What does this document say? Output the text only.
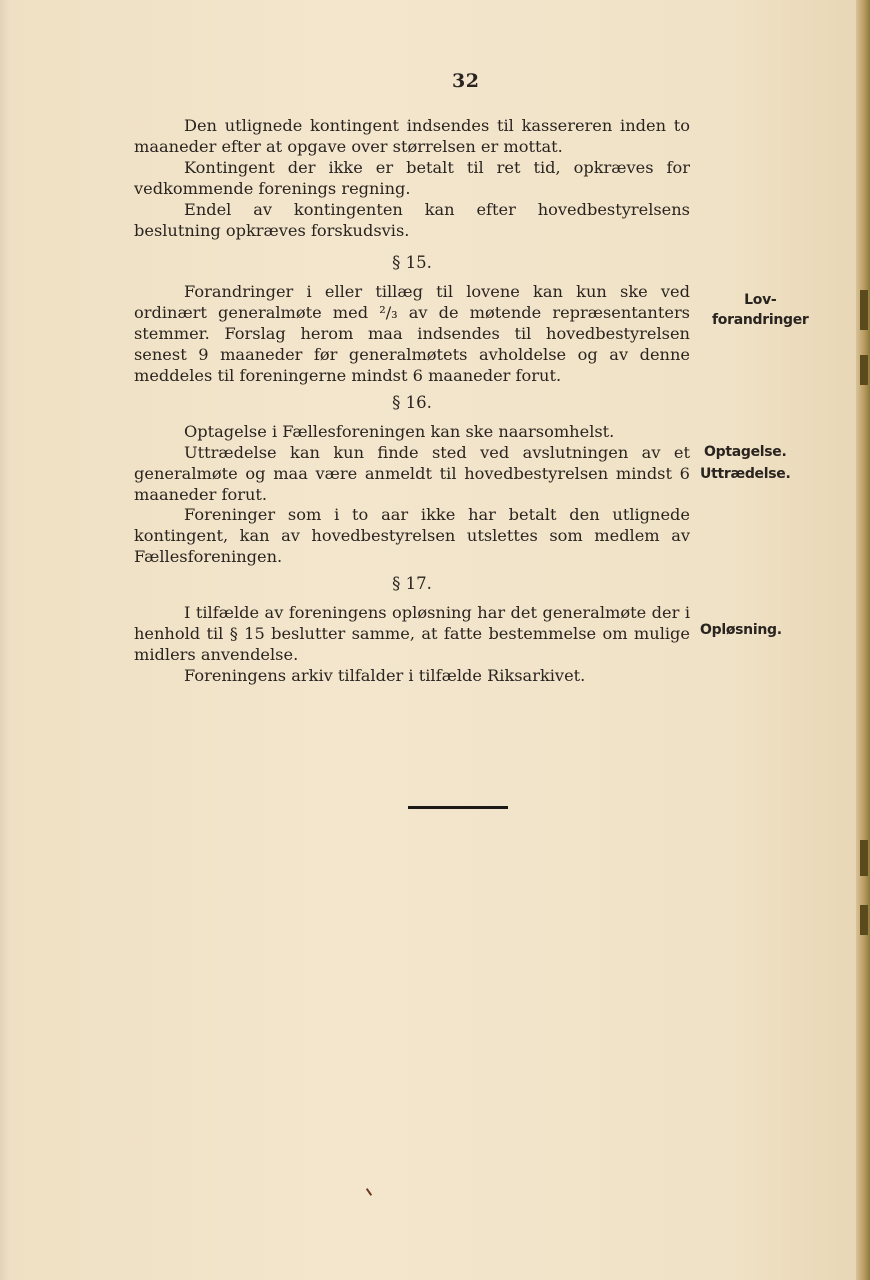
32

Den utlignede kontingent indsendes til kassereren inden to maaneder efter at opgave over størrelsen er mottat.

Kontingent der ikke er betalt til ret tid, opkræves for vedkommende forenings regning.

Endel av kontingenten kan efter hovedbestyrelsens beslutning opkræves forskudsvis.

§ 15.

Forandringer i eller tillæg til lovene kan kun ske ved ordinært generalmøte med ²/₃ av de møtende repræsentanters stemmer. Forslag herom maa indsendes til hovedbestyrelsen senest 9 maaneder før generalmøtets avholdelse og av denne meddeles til foreningerne mindst 6 maaneder forut.

§ 16.

Optagelse i Fællesforeningen kan ske naarsomhelst.

Uttrædelse kan kun finde sted ved avslutningen av et generalmøte og maa være anmeldt til hovedbestyrelsen mindst 6 maaneder forut.

Foreninger som i to aar ikke har betalt den utlignede kontingent, kan av hovedbestyrelsen utslettes som medlem av Fællesforeningen.

§ 17.

I tilfælde av foreningens opløsning har det generalmøte der i henhold til § 15 beslutter samme, at fatte bestemmelse om mulige midlers anvendelse.

Foreningens arkiv tilfalder i tilfælde Riksarkivet.

Lov-
forandringer
Optagelse.
Uttrædelse.
Opløsning.
